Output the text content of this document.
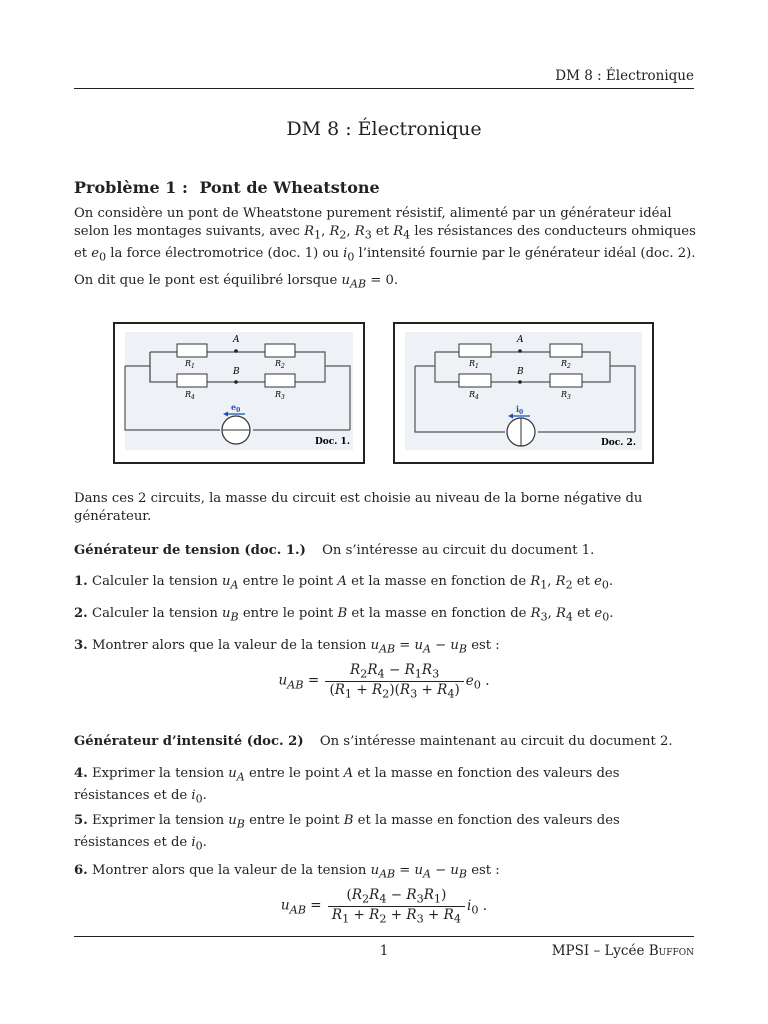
DM 8 : Électronique
DM 8 : Électronique
Problème 1 : Pont de Wheatstone
On considère un pont de Wheatstone purement résistif, alimenté par un générateur idéal selon les montages suivants, avec $R_1$, $R_2$, $R_3$ et $R_4$ les résistances des conducteurs ohmiques et $e_0$ la force électromotrice (doc. 1) ou $i_0$ l’intensité fournie par le générateur idéal (doc. 2).
On dit que le pont est équilibré lorsque $u_{AB} = 0$.
A
B
$R_1$	$R_2$
$R_4$	$R_3$
$e_0$
Doc. 1.
A
B
$R_1$	$R_2$
$R_4$	$R_3$
$i_0$
Doc. 2.
Dans ces 2 circuits, la masse du circuit est choisie au niveau de la borne négative du générateur.
Générateur de tension (doc. 1.) On s’intéresse au circuit du document 1.
1. Calculer la tension $u_A$ entre le point A et la masse en fonction de $R_1$, $R_2$ et $e_0$.
2. Calculer la tension $u_B$ entre le point B et la masse en fonction de $R_3$, $R_4$ et $e_0$.
3. Montrer alors que la valeur de la tension $u_{AB} = u_A - u_B$ est :
$u_{AB} = \frac{R_2R_4 - R_1R_3}{(R_1 + R_2)(R_3 + R_4)} e_0$ .
Générateur d’intensité (doc. 2) On s’intéresse maintenant au circuit du document 2.
4. Exprimer la tension $u_A$ entre le point A et la masse en fonction des valeurs des résistances et de $i_0$.
5. Exprimer la tension $u_B$ entre le point B et la masse en fonction des valeurs des résistances et de $i_0$.
6. Montrer alors que la valeur de la tension $u_{AB} = u_A - u_B$ est :
$u_{AB} = \frac{(R_2R_4 - R_3R_1)}{R_1 + R_2 + R_3 + R_4} i_0$ .
1	MPSI – Lycée Buffon
